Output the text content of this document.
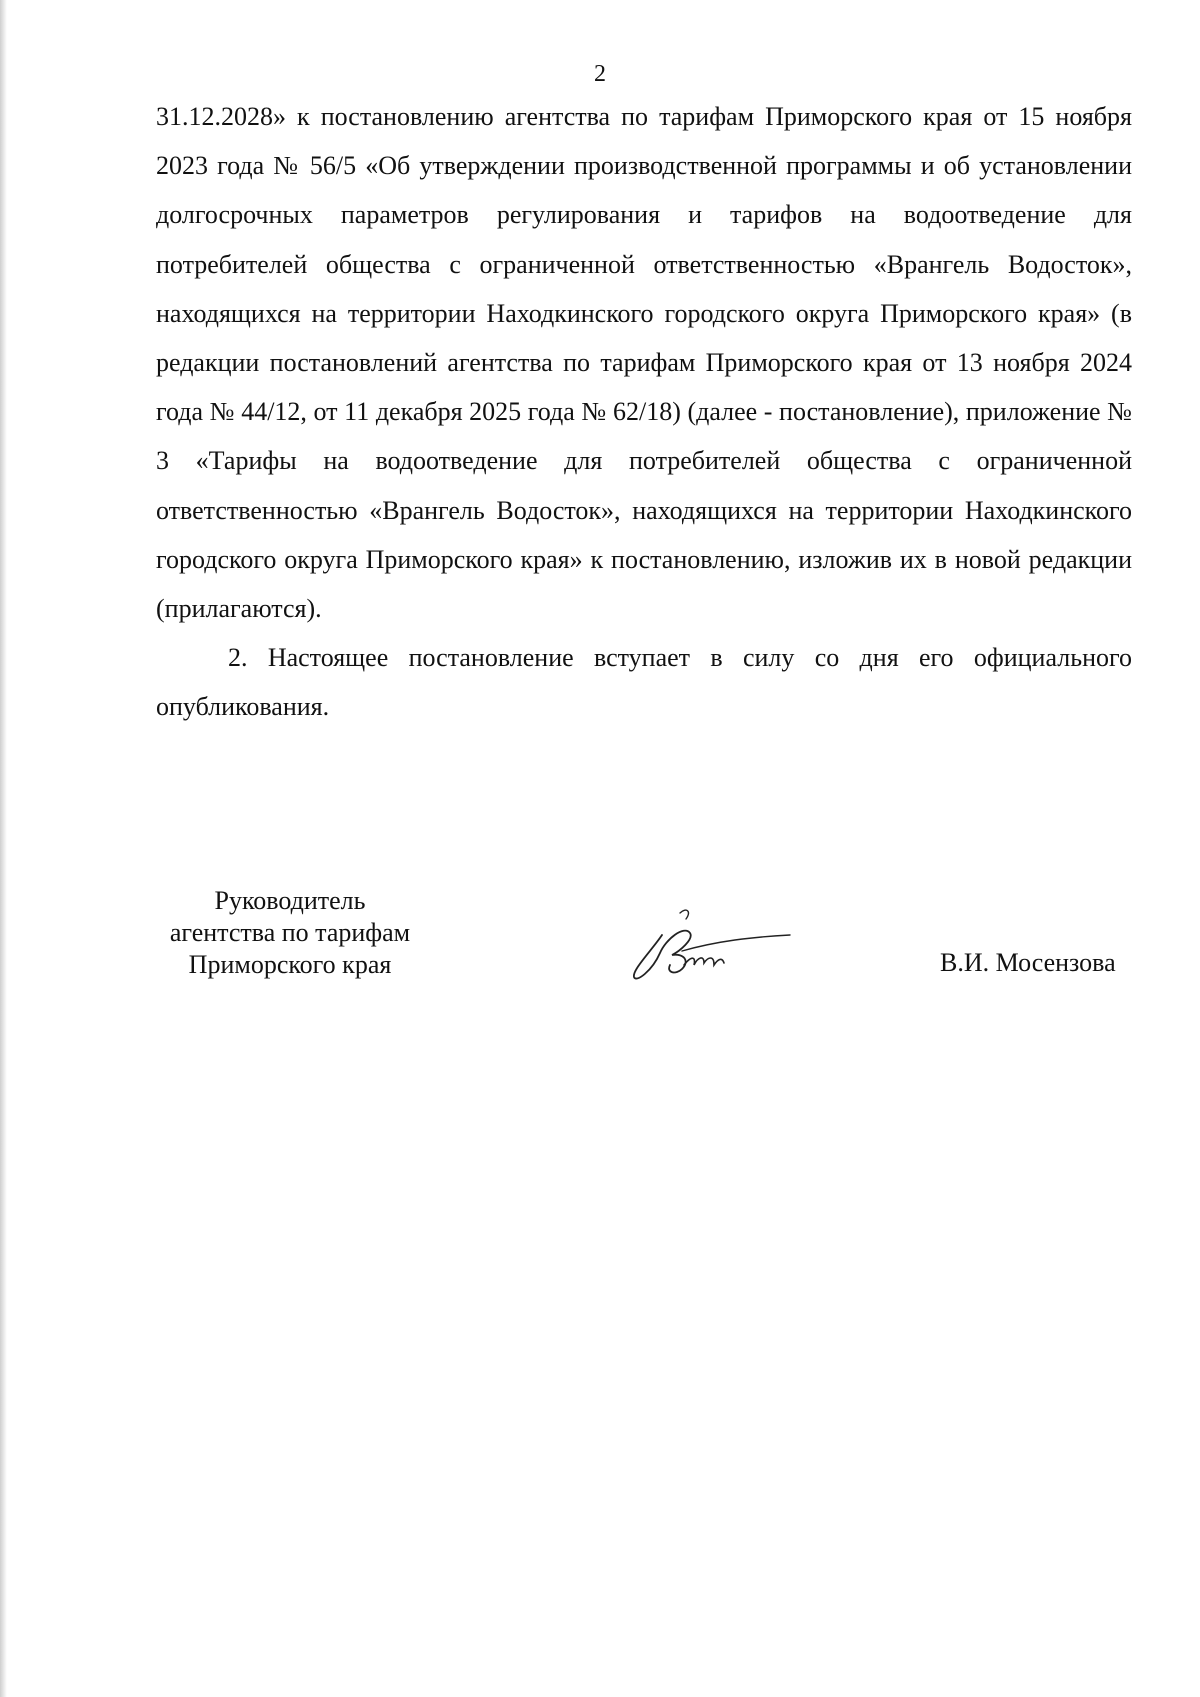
2

31.12.2028» к постановлению агентства по тарифам Приморского края от 15 ноября 2023 года № 56/5 «Об утверждении производственной программы и об установлении долгосрочных параметров регулирования и тарифов на водоотведение для потребителей общества с ограниченной ответственностью «Врангель Водосток», находящихся на территории Находкинского городского округа Приморского края» (в редакции постановлений агентства по тарифам Приморского края от 13 ноября 2024 года № 44/12, от 11 декабря 2025 года № 62/18) (далее - постановление), приложение № 3 «Тарифы на водоотведение для потребителей общества с ограниченной ответственностью «Врангель Водосток», находящихся на территории Находкинского городского округа Приморского края» к постановлению, изложив их в новой редакции (прилагаются).

2. Настоящее постановление вступает в силу со дня его официального опубликования.

Руководитель
агентства по тарифам
Приморского края	В.И. Мосензова
